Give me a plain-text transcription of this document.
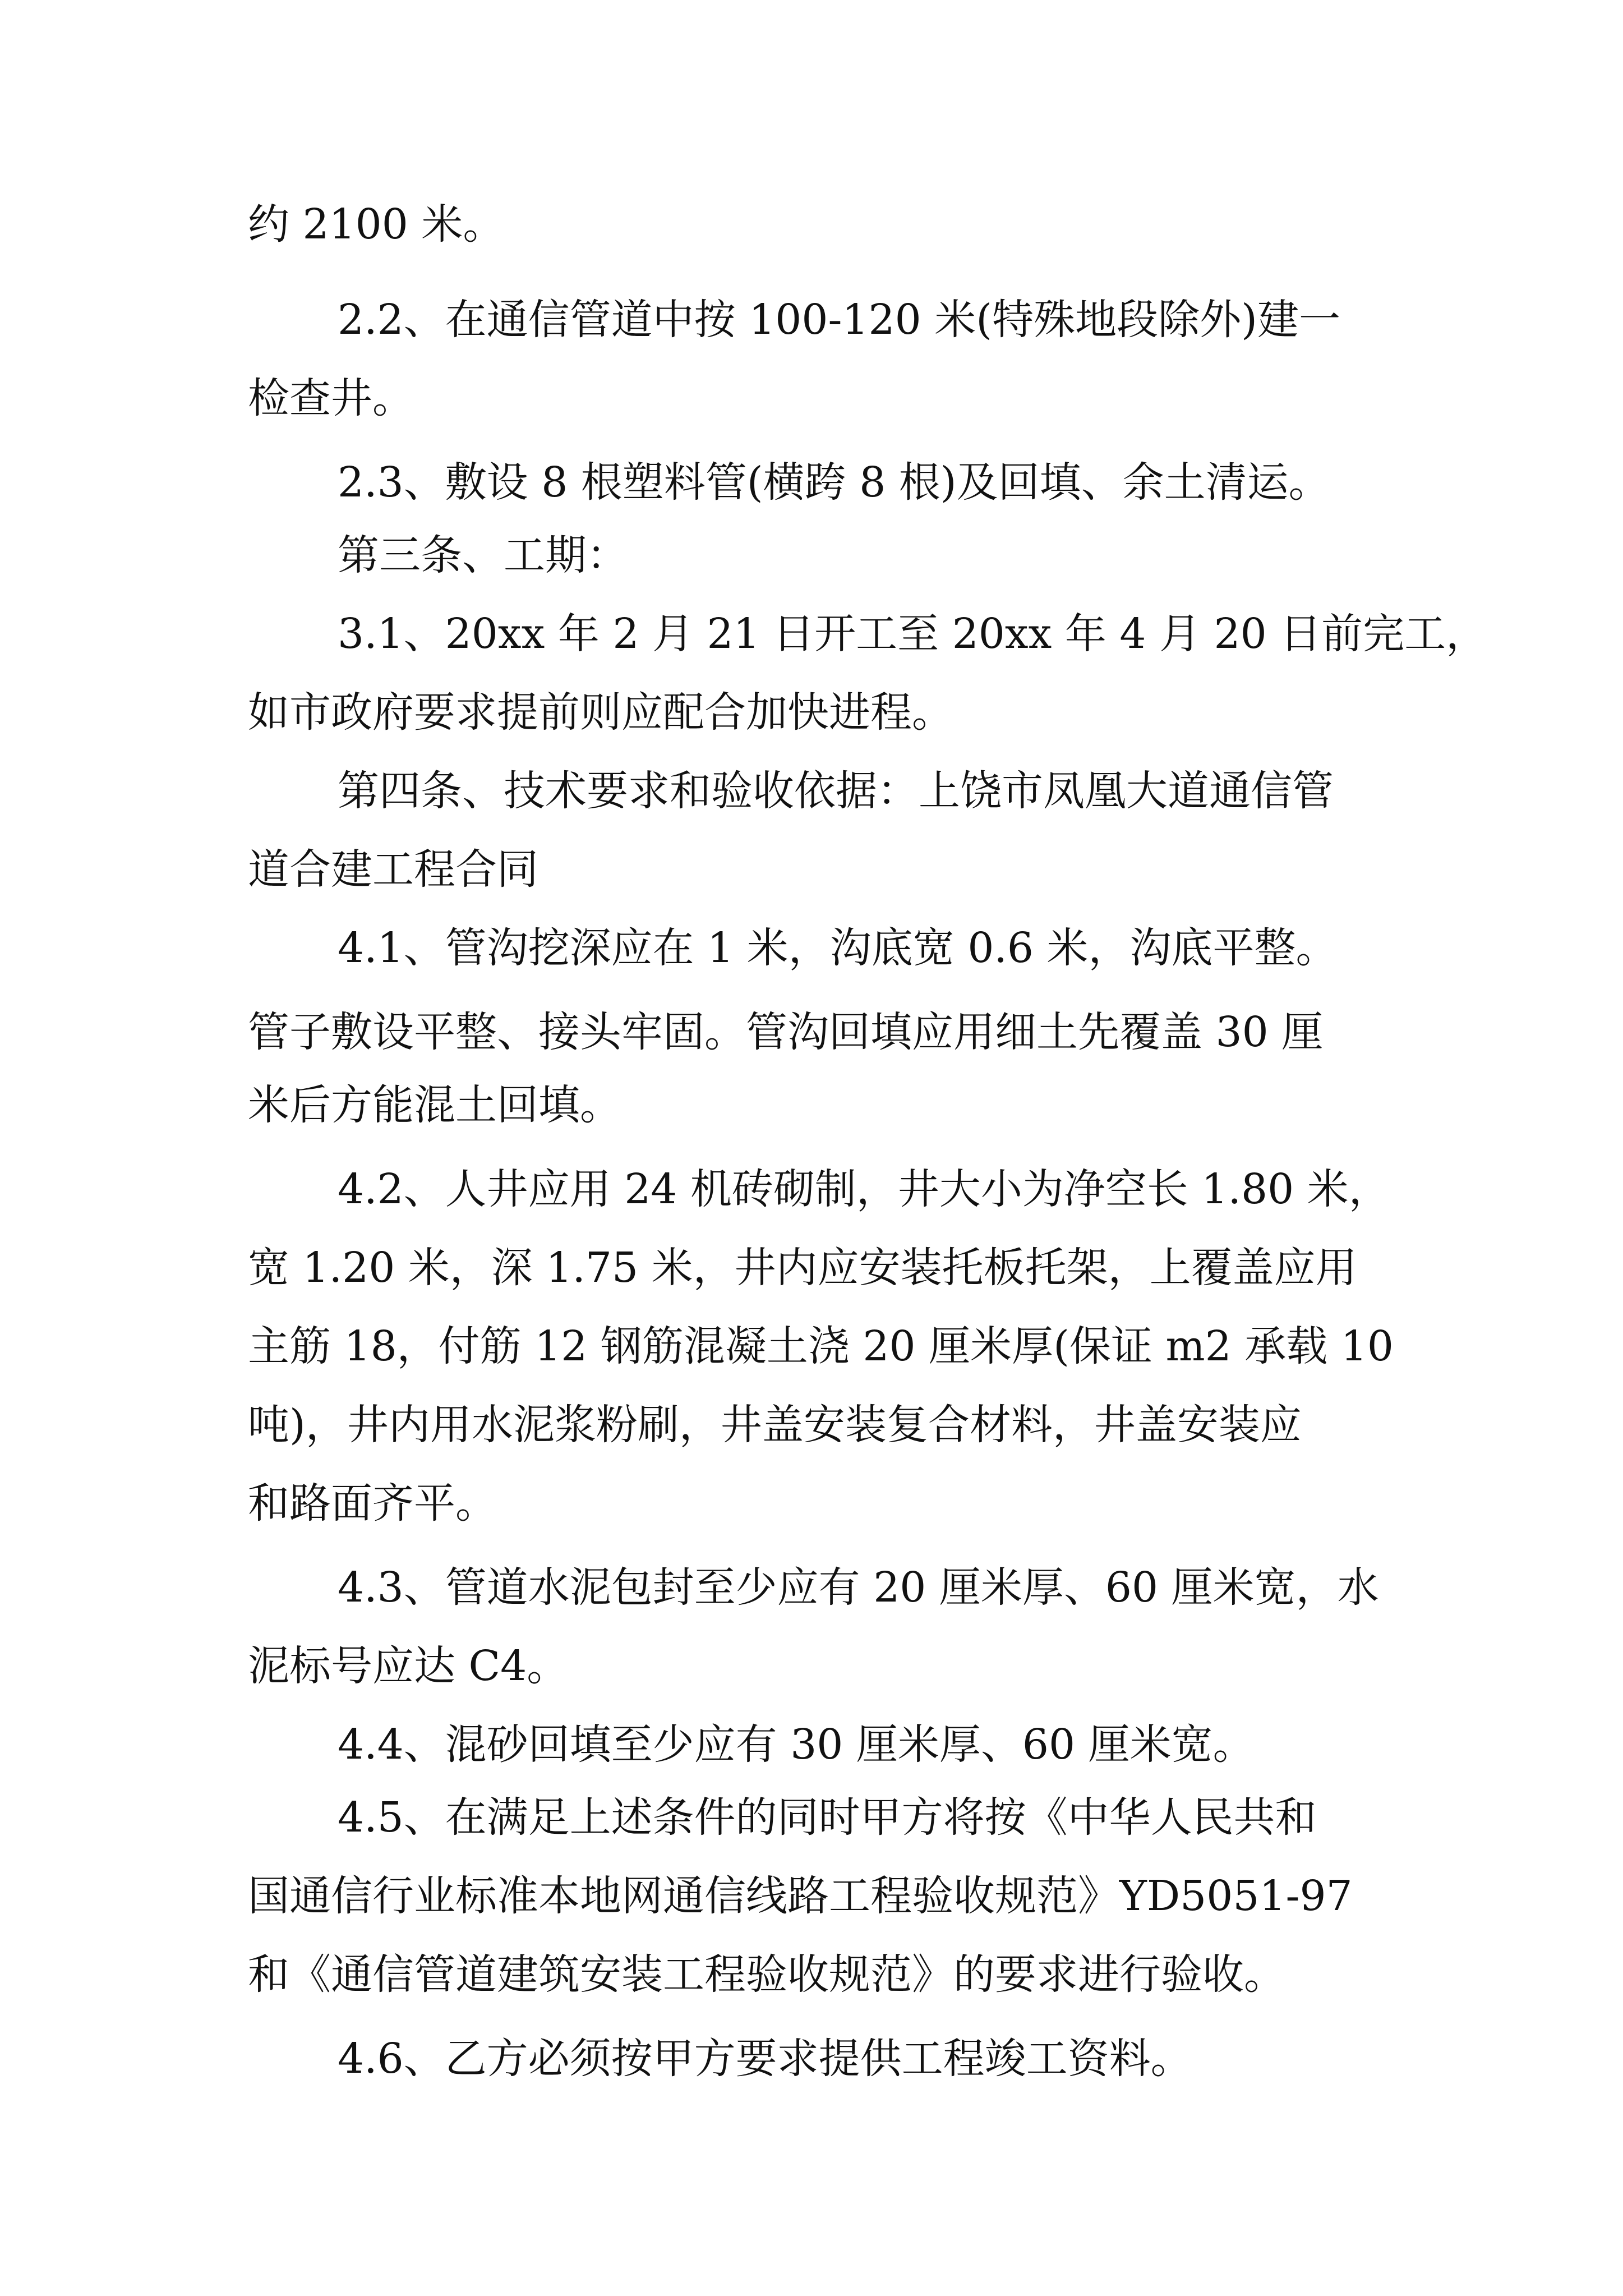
约 2100 米。
2.2、在通信管道中按 100-120 米(特殊地段除外)建一
检查井。
2.3、敷设 8 根塑料管(横跨 8 根)及回填、余土清运。
第三条、工期：
3.1、20xx 年 2 月 21 日开工至 20xx 年 4 月 20 日前完工，
如市政府要求提前则应配合加快进程。
第四条、技术要求和验收依据：上饶市凤凰大道通信管
道合建工程合同
4.1、管沟挖深应在 1 米，沟底宽 0.6 米，沟底平整。
管子敷设平整、接头牢固。管沟回填应用细土先覆盖 30 厘
米后方能混土回填。
4.2、人井应用 24 机砖砌制，井大小为净空长 1.80 米，
宽 1.20 米，深 1.75 米，井内应安装托板托架，上覆盖应用
主筋 18，付筋 12 钢筋混凝土浇 20 厘米厚(保证 m2 承载 10
吨)，井内用水泥浆粉刷，井盖安装复合材料，井盖安装应
和路面齐平。
4.3、管道水泥包封至少应有 20 厘米厚、60 厘米宽，水
泥标号应达 C4。
4.4、混砂回填至少应有 30 厘米厚、60 厘米宽。
4.5、在满足上述条件的同时甲方将按《中华人民共和
国通信行业标准本地网通信线路工程验收规范》YD5051-97
和《通信管道建筑安装工程验收规范》的要求进行验收。
4.6、乙方必须按甲方要求提供工程竣工资料。
